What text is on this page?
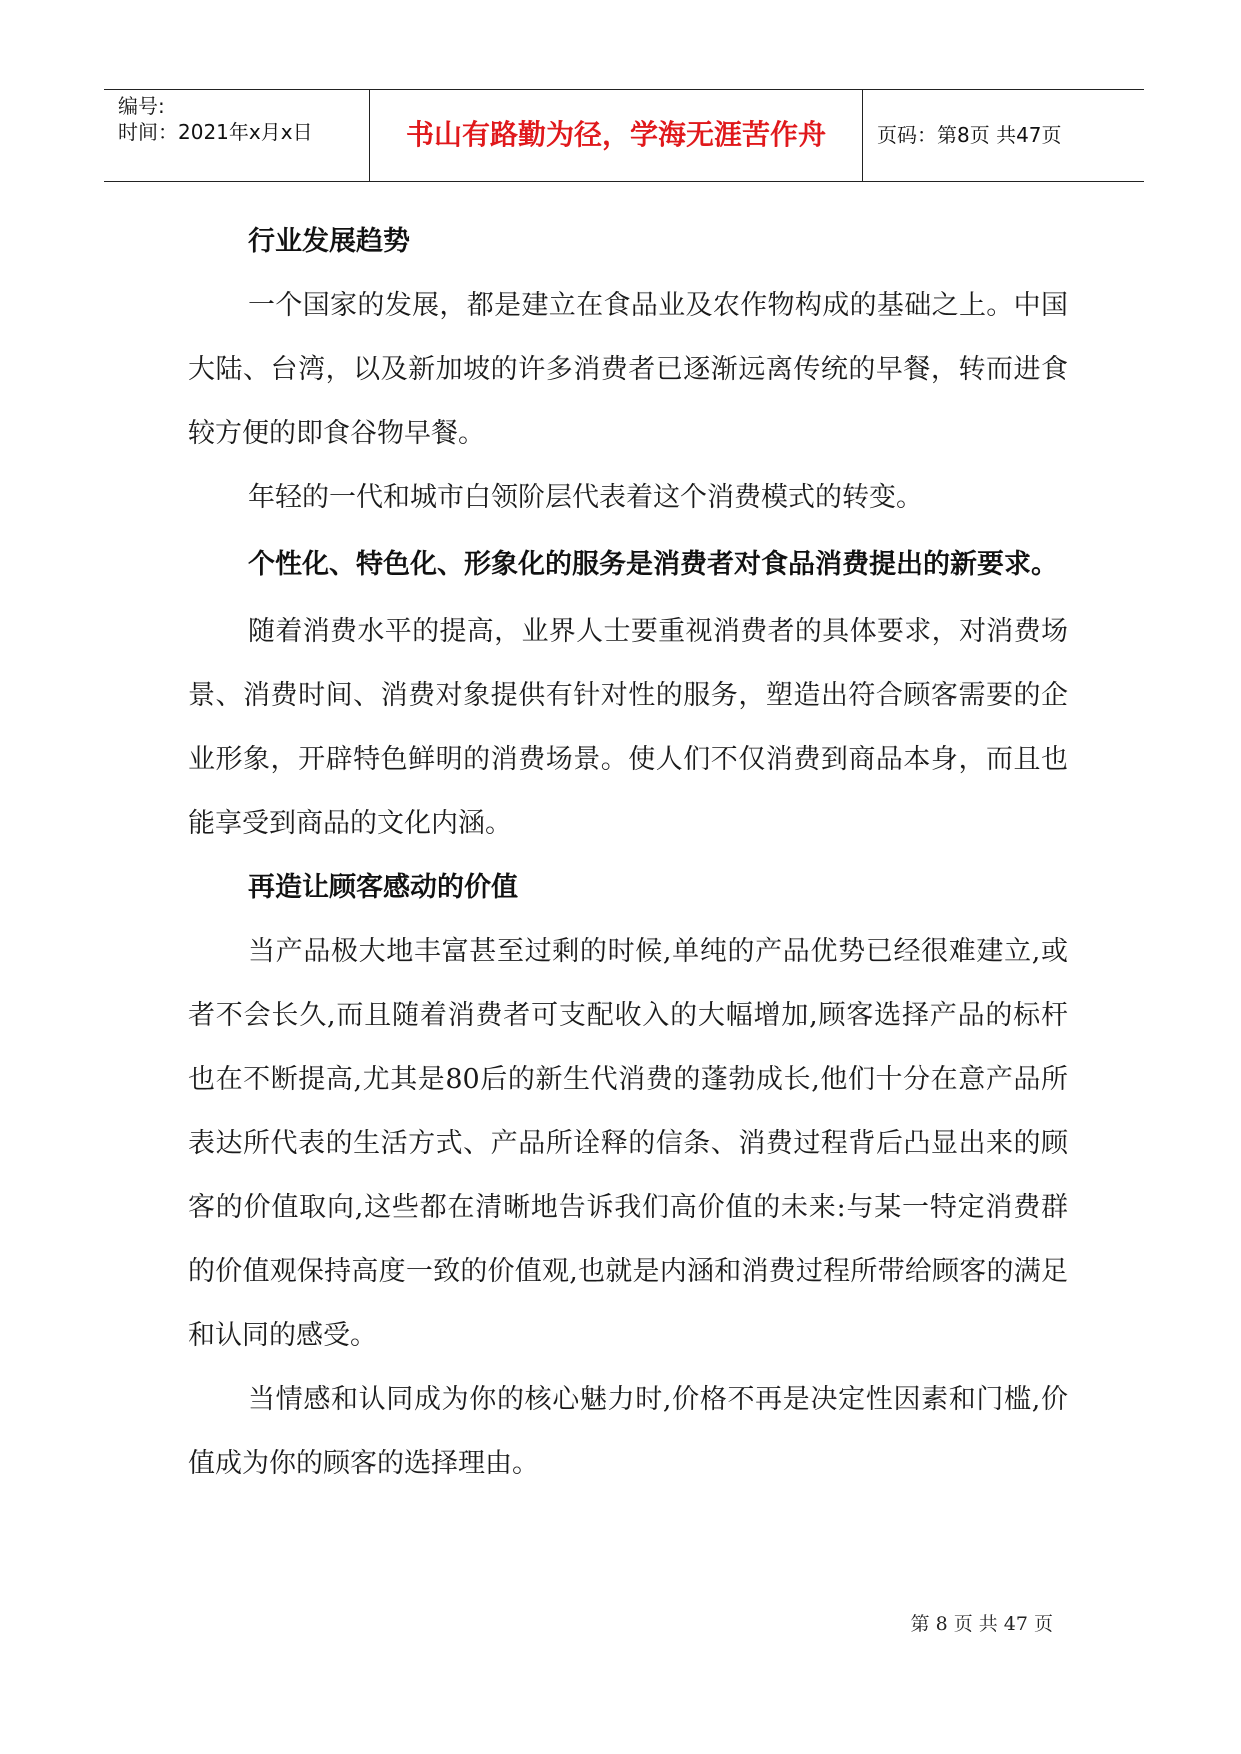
编号:
时间：2021年x月x日	书山有路勤为径，学海无涯苦作舟	页码：第8页 共47页

行业发展趋势

一个国家的发展，都是建立在食品业及农作物构成的基础之上。中国大陆、台湾，以及新加坡的许多消费者已逐渐远离传统的早餐，转而进食较方便的即食谷物早餐。

年轻的一代和城市白领阶层代表着这个消费模式的转变。

个性化、特色化、形象化的服务是消费者对食品消费提出的新要求。

随着消费水平的提高，业界人士要重视消费者的具体要求，对消费场景、消费时间、消费对象提供有针对性的服务，塑造出符合顾客需要的企业形象，开辟特色鲜明的消费场景。使人们不仅消费到商品本身，而且也能享受到商品的文化内涵。

再造让顾客感动的价值

当产品极大地丰富甚至过剩的时候,单纯的产品优势已经很难建立,或者不会长久,而且随着消费者可支配收入的大幅增加,顾客选择产品的标杆也在不断提高,尤其是80后的新生代消费的蓬勃成长,他们十分在意产品所表达所代表的生活方式、产品所诠释的信条、消费过程背后凸显出来的顾客的价值取向,这些都在清晰地告诉我们高价值的未来:与某一特定消费群的价值观保持高度一致的价值观,也就是内涵和消费过程所带给顾客的满足和认同的感受。

当情感和认同成为你的核心魅力时,价格不再是决定性因素和门槛,价值成为你的顾客的选择理由。

第 8 页 共 47 页
